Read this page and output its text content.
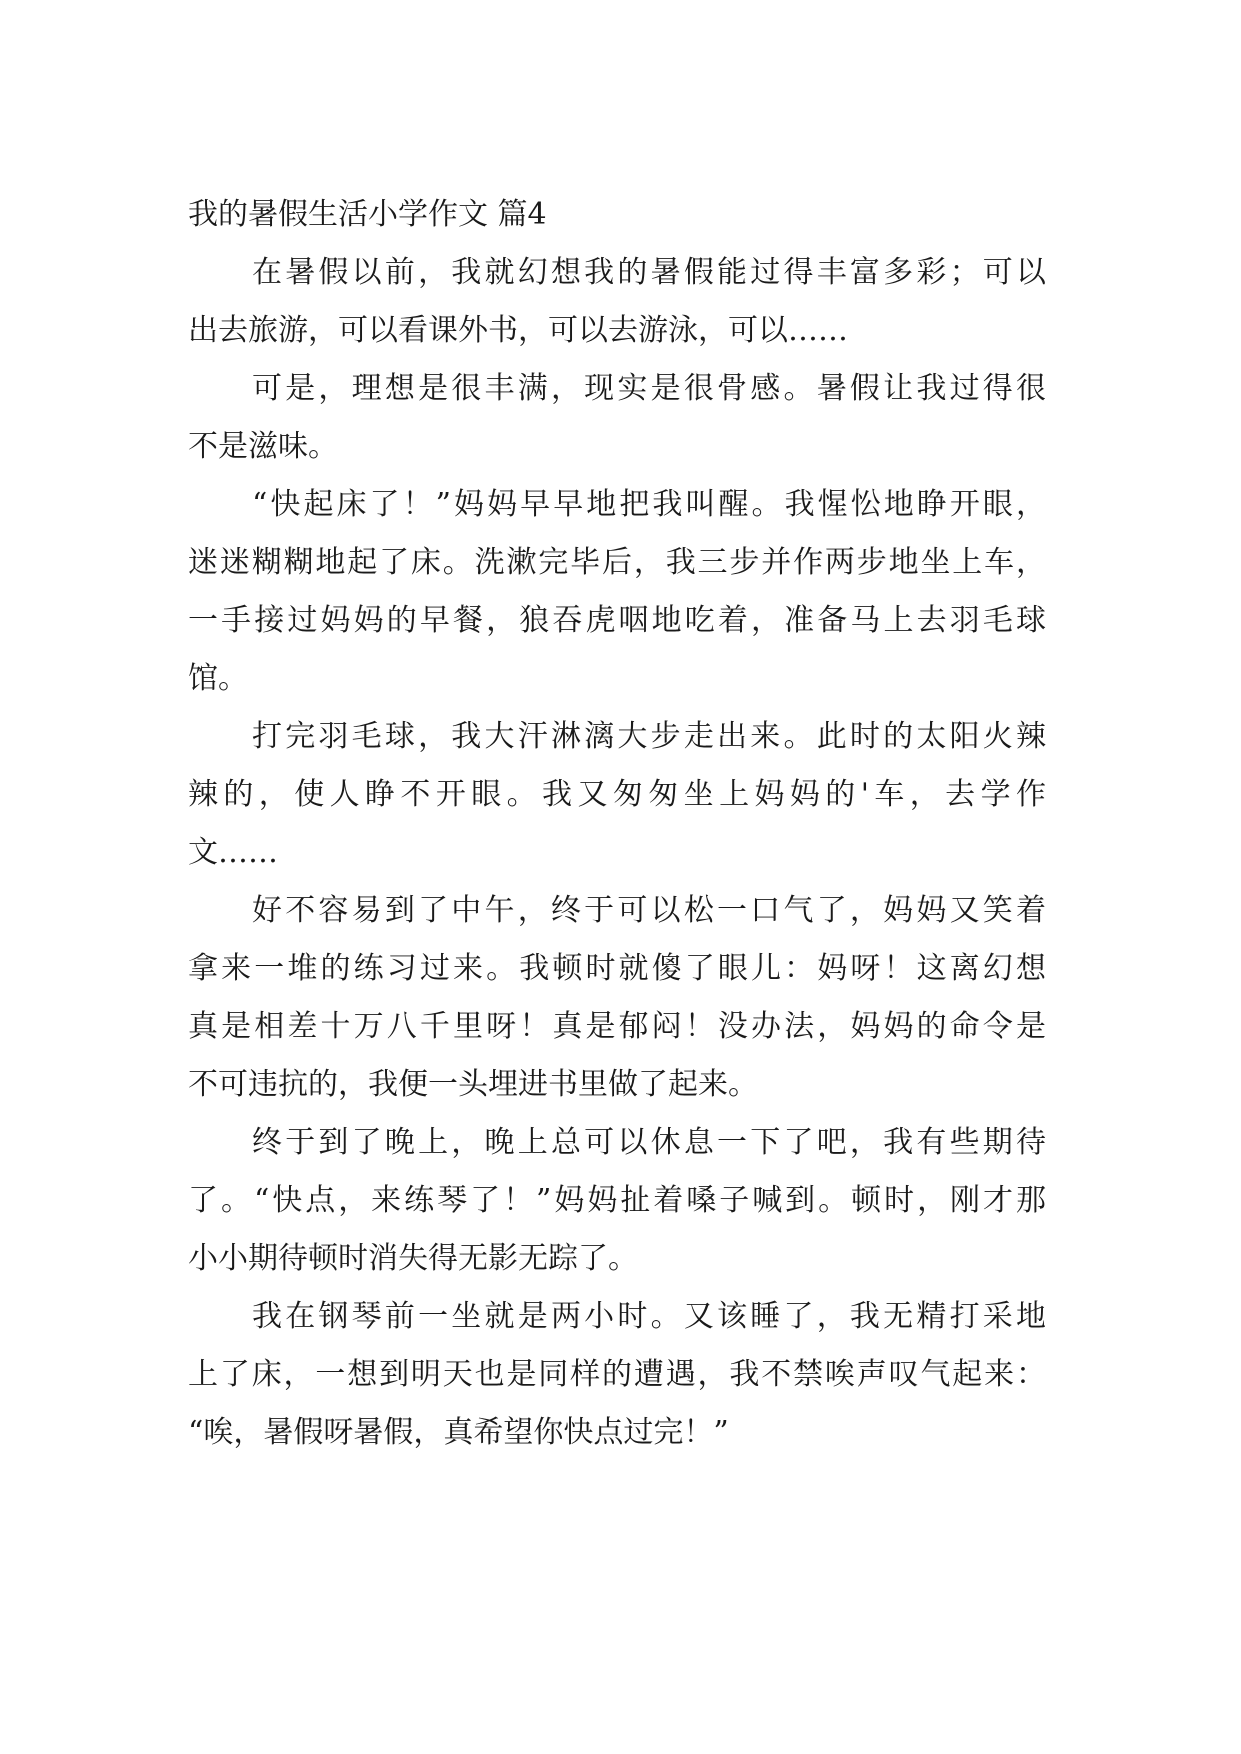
我的暑假生活小学作文 篇4
在暑假以前，我就幻想我的暑假能过得丰富多彩；可以
出去旅游，可以看课外书，可以去游泳，可以……
可是，理想是很丰满，现实是很骨感。暑假让我过得很
不是滋味。
“快起床了！”妈妈早早地把我叫醒。我惺忪地睁开眼，
迷迷糊糊地起了床。洗漱完毕后，我三步并作两步地坐上车，
一手接过妈妈的早餐，狼吞虎咽地吃着，准备马上去羽毛球
馆。
打完羽毛球，我大汗淋漓大步走出来。此时的太阳火辣
辣的，使人睁不开眼。我又匆匆坐上妈妈的'车，去学作
文……
好不容易到了中午，终于可以松一口气了，妈妈又笑着
拿来一堆的练习过来。我顿时就傻了眼儿：妈呀！这离幻想
真是相差十万八千里呀！真是郁闷！没办法，妈妈的命令是
不可违抗的，我便一头埋进书里做了起来。
终于到了晚上，晚上总可以休息一下了吧，我有些期待
了。“快点，来练琴了！”妈妈扯着嗓子喊到。顿时，刚才那
小小期待顿时消失得无影无踪了。
我在钢琴前一坐就是两小时。又该睡了，我无精打采地
上了床，一想到明天也是同样的遭遇，我不禁唉声叹气起来：
“唉，暑假呀暑假，真希望你快点过完！”
